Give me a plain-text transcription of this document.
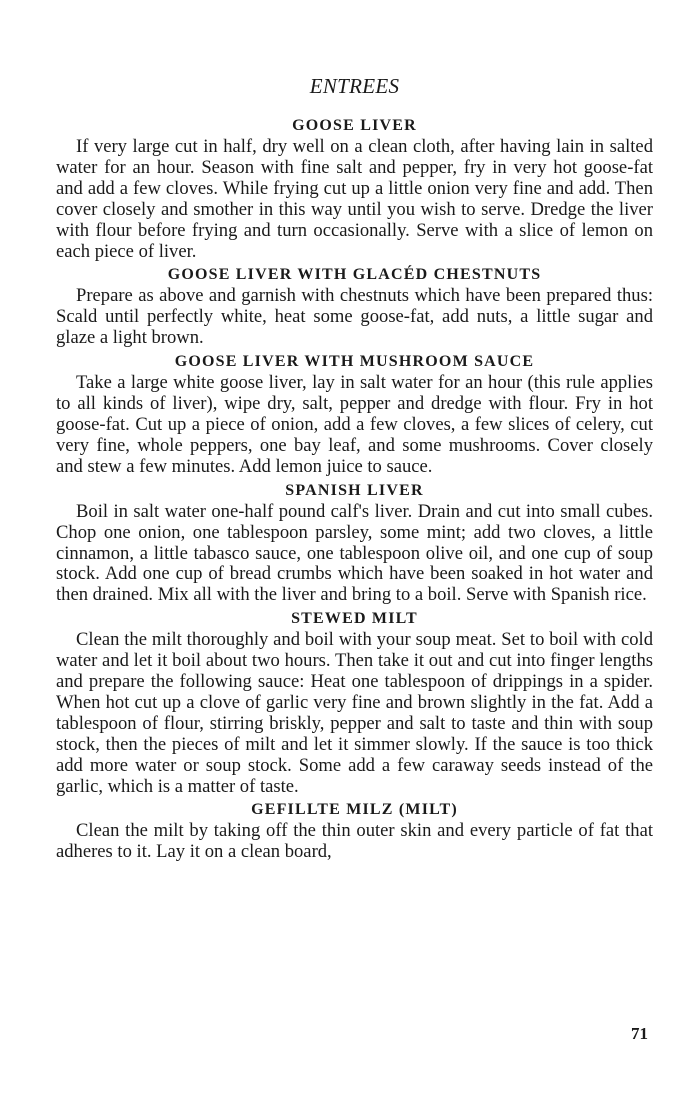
ENTREES
GOOSE LIVER

If very large cut in half, dry well on a clean cloth, after having lain in salted water for an hour. Season with fine salt and pepper, fry in very hot goose-fat and add a few cloves. While frying cut up a little onion very fine and add. Then cover closely and smother in this way until you wish to serve. Dredge the liver with flour before frying and turn occasionally. Serve with a slice of lemon on each piece of liver.

GOOSE LIVER WITH GLACÉD CHESTNUTS

Prepare as above and garnish with chestnuts which have been prepared thus: Scald until perfectly white, heat some goose-fat, add nuts, a little sugar and glaze a light brown.

GOOSE LIVER WITH MUSHROOM SAUCE

Take a large white goose liver, lay in salt water for an hour (this rule applies to all kinds of liver), wipe dry, salt, pepper and dredge with flour. Fry in hot goose-fat. Cut up a piece of onion, add a few cloves, a few slices of celery, cut very fine, whole peppers, one bay leaf, and some mushrooms. Cover closely and stew a few minutes. Add lemon juice to sauce.

SPANISH LIVER

Boil in salt water one-half pound calf's liver. Drain and cut into small cubes. Chop one onion, one tablespoon parsley, some mint; add two cloves, a little cinnamon, a little tabasco sauce, one tablespoon olive oil, and one cup of soup stock. Add one cup of bread crumbs which have been soaked in hot water and then drained. Mix all with the liver and bring to a boil. Serve with Spanish rice.

STEWED MILT

Clean the milt thoroughly and boil with your soup meat. Set to boil with cold water and let it boil about two hours. Then take it out and cut into finger lengths and prepare the following sauce: Heat one tablespoon of drippings in a spider. When hot cut up a clove of garlic very fine and brown slightly in the fat. Add a tablespoon of flour, stirring briskly, pepper and salt to taste and thin with soup stock, then the pieces of milt and let it simmer slowly. If the sauce is too thick add more water or soup stock. Some add a few caraway seeds instead of the garlic, which is a matter of taste.

GEFILLTE MILZ (MILT)

Clean the milt by taking off the thin outer skin and every particle of fat that adheres to it. Lay it on a clean board,

71
